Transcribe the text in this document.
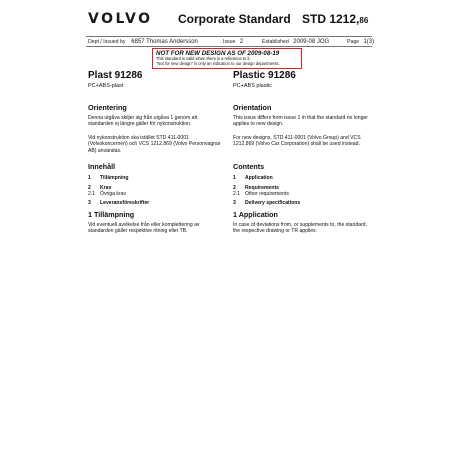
VOLVO Corporate Standard STD 1212,86
Dept / Issued by 6857 Thomas Andersson	Issue 2	Established 2009-08 JOG	Page 1(3)
NOT FOR NEW DESIGN AS OF 2009-08-19
This standard is valid when there is a reference to it.
"Not for new design" is only an indication to our design departments.
Plast 91286
PC+ABS-plast
Orientering
Denna utgåva skiljer sig från utgåva 1 genom att standarden ej längre gäller för nykonstruktion.
Vid nykonstruktion ska istället STD 411-0001 (Volvokoncernen) och VCS 1212,869 (Volvo Personvagnar AB) användas.
Innehåll
1 Tillämpning
2 Krav
2.1 Övriga krav
3 Leveransföreskrifter
1 Tillämpning
Vid eventuell avvikelse från eller komplettering av standarden gäller respektive ritning eller TB.
Plastic 91286
PC+ABS plastic
Orientation
This issue differs from issue 1 in that the standard no longer applies to new design.
For new designs, STD 411-0001 (Volvo Group) and VCS 1212,869 (Volvo Car Corporation) shall be used instead.
Contents
1 Application
2 Requirements
2.1 Other requirements
3 Delivery specifications
1 Application
In case of deviations from, or supplements to, the standard, the respective drawing or TR applies.
